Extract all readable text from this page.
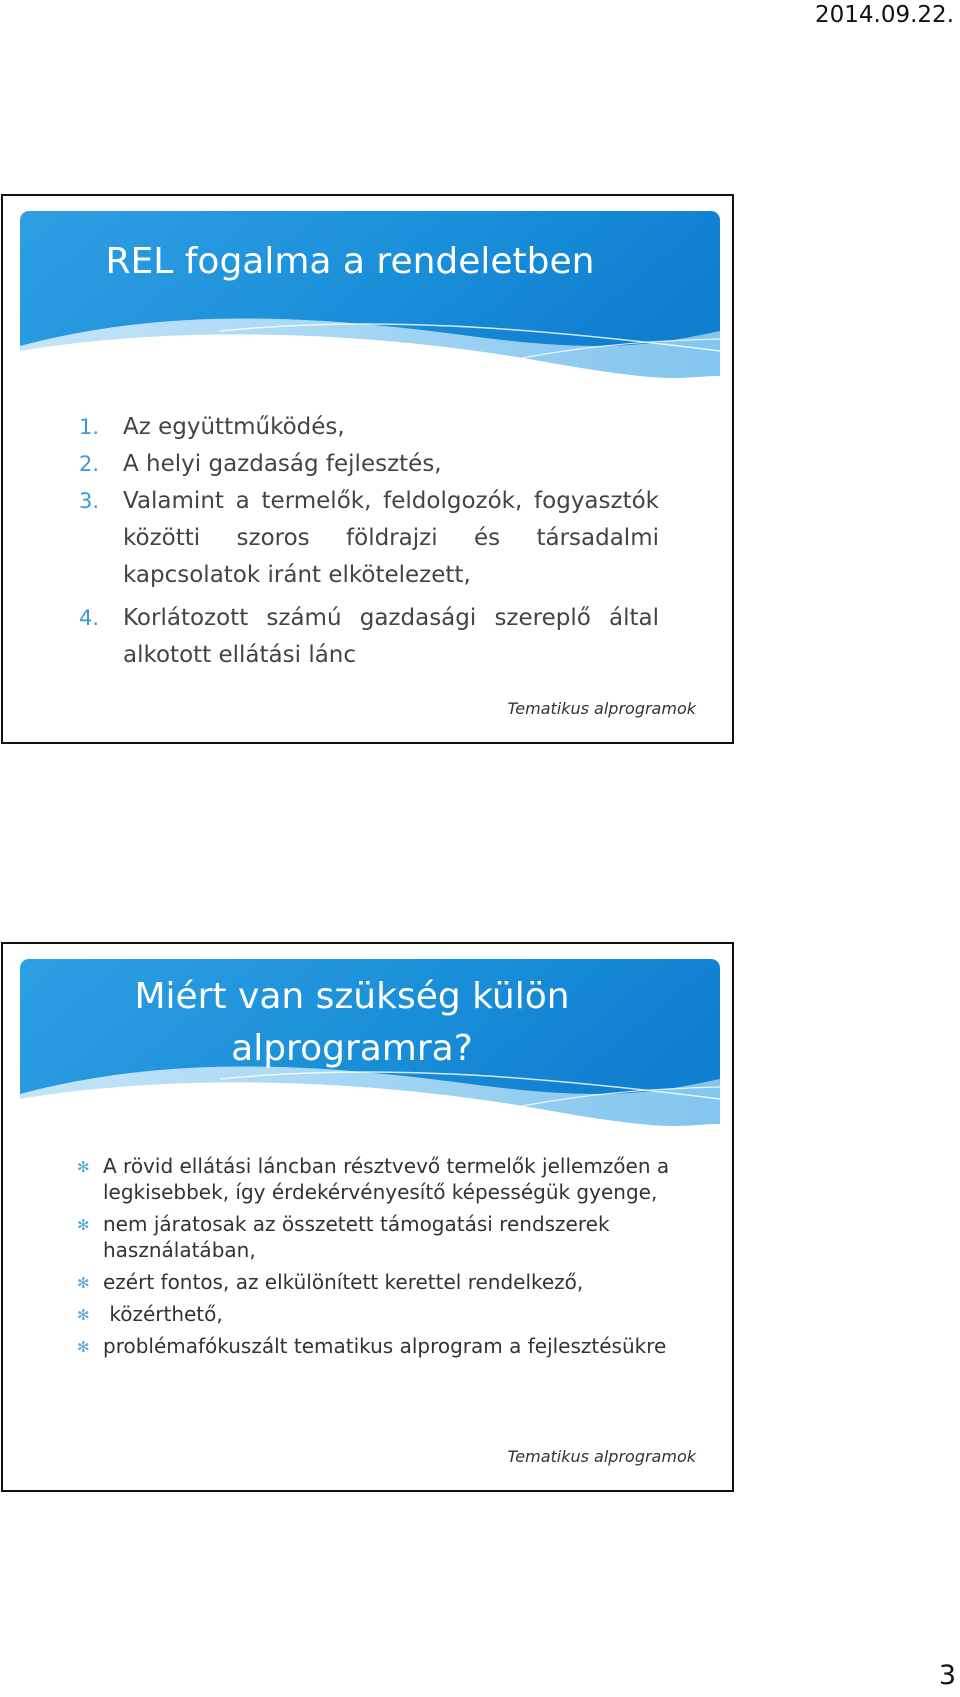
2014.09.22.
REL fogalma a rendeletben
1. Az együttműködés,
2. A helyi gazdaság fejlesztés,
3. Valamint a termelők, feldolgozók, fogyasztók közötti szoros földrajzi és társadalmi kapcsolatok iránt elkötelezett,
4. Korlátozott számú gazdasági szereplő által alkotott ellátási lánc
Tematikus alprogramok
Miért van szükség külön
alprogramra?
✻ A rövid ellátási láncban résztvevő termelők jellemzően a legkisebbek, így érdekérvényesítő képességük gyenge,
✻ nem járatosak az összetett támogatási rendszerek használatában,
✻ ezért fontos, az elkülönített kerettel rendelkező,
✻ közérthető,
✻ problémafókuszált tematikus alprogram a fejlesztésükre
Tematikus alprogramok
3
